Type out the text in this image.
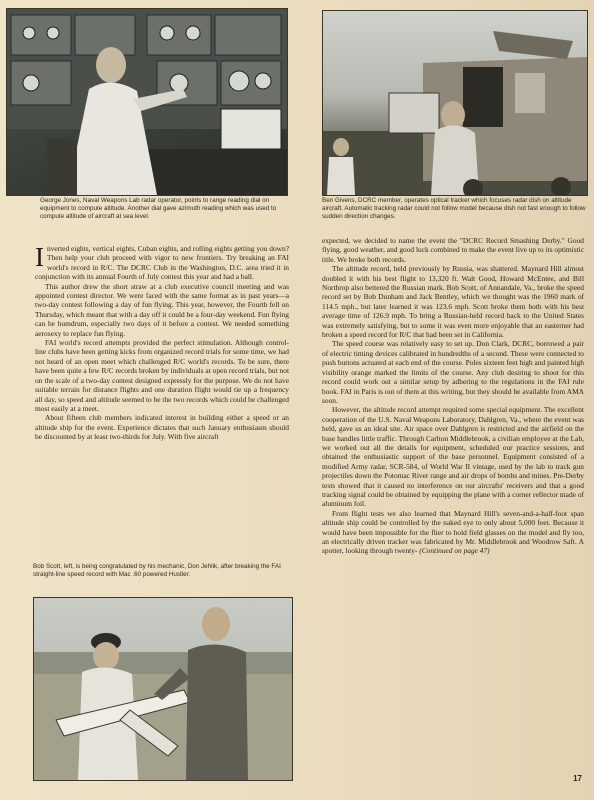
George Jones, Naval Weapons Lab radar operator, points to range reading dial on equipment to compute altitude. Another dial gave azimuth reading which was used to compute altitude of aircraft at sea level.
Ben Givens, DCRC member, operates optical tracker which focuses radar dish on altitude aircraft. Automatic tracking radar could not follow model because dish not fast enough to follow sudden direction changes.

Inverted eights, vertical eights, Cuban eights, and rolling eights getting you down? Then help your club proceed with vigor to new frontiers. Try breaking an FAI world's record in R/C. The DCRC Club in the Washington, D.C. area tried it in conjunction with its annual Fourth of July contest this year and had a ball.

This author drew the short straw at a club executive council meeting and was appointed contest director. We were faced with the same format as in past years—a two-day contest following a day of fun flying. This year, however, the Fourth fell on Thursday, which meant that with a day off it could be a four-day weekend. Fun flying can be humdrum, especially two days of it before a contest. We needed something aerosexy to replace fun flying.

FAI world's record attempts provided the perfect stimulation. Although control-line clubs have been getting kicks from organized record trials for some time, we had not heard of an open meet which challenged R/C world's records. To be sure, there have been quite a few R/C records broken by individuals at open record trials, but not on the scale of a two-day contest designed expressly for the purpose. We do not have suitable terrain for distance flights and one duration flight would tie up a frequency all day, so speed and altitude seemed to be the two records which could be challenged most easily at a meet.

About fifteen club members indicated interest in building either a speed or an altitude ship for the event. Experience dictates that such January enthusiasm should be discounted by at least two-thirds for July. With five aircraft

Bob Scott, left, is being congratulated by his mechanic, Don Jehlik, after breaking the FAI straight-line speed record with Mac .60 powered Hustler.

expected, we decided to name the event the "DCRC Record Smashing Derby." Good flying, good weather, and good luck combined to make the event live up to its optimistic title. We broke both records.

The altitude record, held previously by Russia, was shattered. Maynard Hill almost doubled it with his best flight to 13,320 ft. Walt Good, Howard McEntee, and Bill Northrop also bettered the Russian mark. Bob Scott, of Annandale, Va., broke the speed record set by Bob Dunham and Jack Bentley, which we thought was the 1960 mark of 114.5 mph., but later learned it was 123.6 mph. Scott broke them both with his best average time of 126.9 mph. To bring a Russian-held record back to the United States was extremely satisfying, but to some it was even more enjoyable that an easterner had broken a speed record for R/C that had been set in California.

The speed course was relatively easy to set up. Don Clark, DCRC, borrowed a pair of electric timing devices calibrated in hundredths of a second. These were connected to push buttons actuated at each end of the course. Poles sixteen feet high and painted high visibility orange marked the limits of the course. Any club desiring to shoot for this record could work out a similar setup by adhering to the regulations in the FAI rule book. FAI in Paris is out of them at this writing, but they should be available from AMA soon.

However, the altitude record attempt required some special equipment. The excellent cooperation of the U.S. Naval Weapons Laboratory, Dahlgren, Va., where the event was held, gave us an ideal site. Air space over Dahlgren is restricted and the airfield on the base handles little traffic. Through Carlton Middlebrook, a civilian employee at the Lab, we worked out all the details for equipment, scheduled our practice sessions, and obtained the enthusiastic support of the base personnel. Equipment consisted of a modified Army radar, SCR-584, of World War II vintage, used by the lab to track gun projectiles down the Potomac River range and air drops of bombs and mines. Pre-Derby tests showed that it caused no interference on our aircrafts' receivers and that a good tracking signal could be obtained by equipping the plane with a corner reflector made of aluminum foil.

From flight tests we also learned that Maynard Hill's seven-and-a-half-foot span altitude ship could be controlled by the naked eye to only about 5,000 feet. Because it would have been impossible for the flier to hold field glasses on the model and fly too, an electrically driven tracker was fabricated by Mr. Middlebrook and Woodrow Saft. A spotter, looking through twenty- (Continued on page 47)

17
